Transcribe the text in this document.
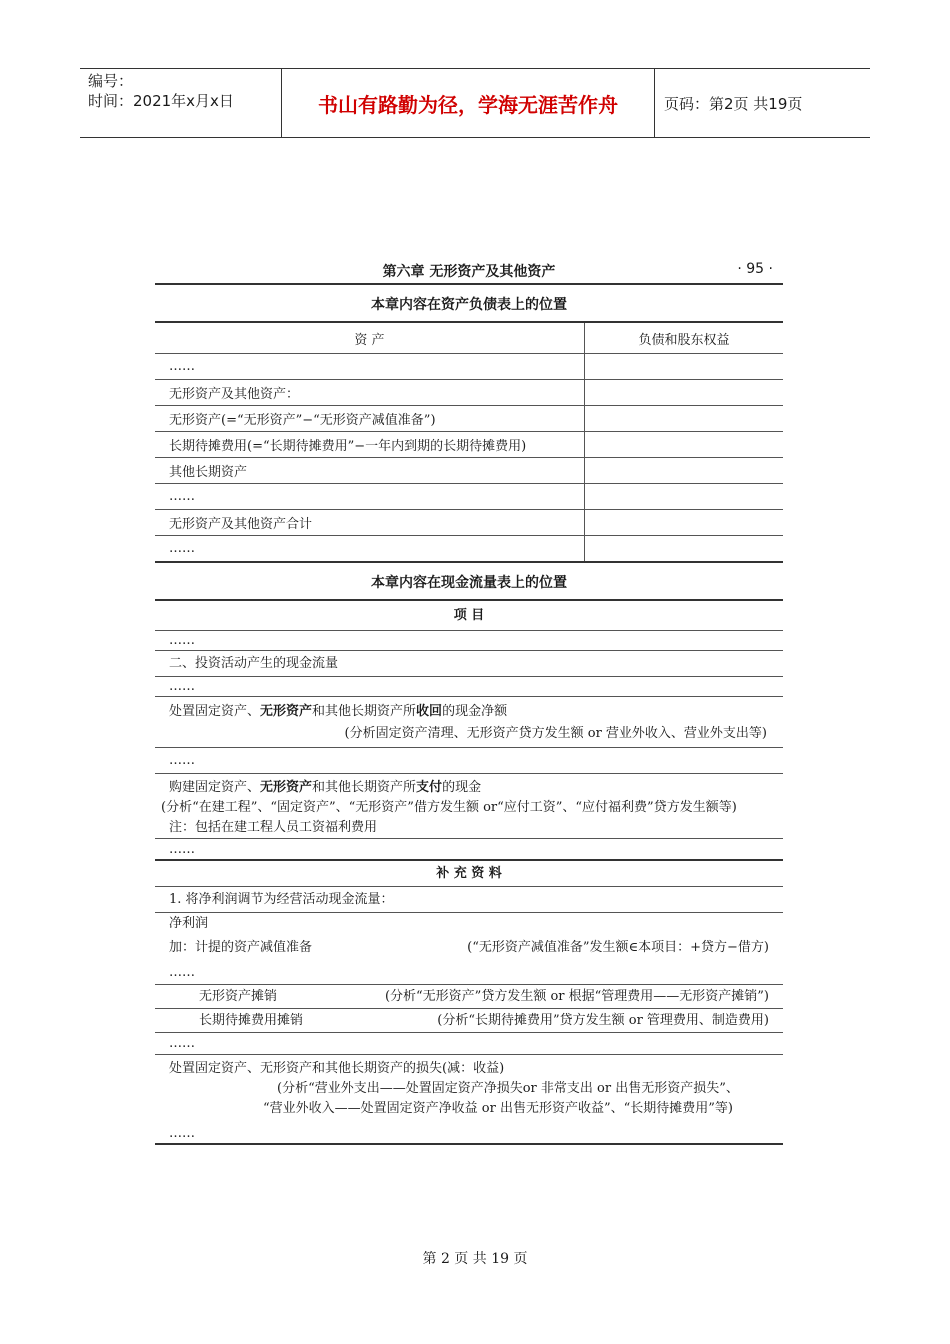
编号：
时间：2021年x月x日	书山有路勤为径，学海无涯苦作舟	页码：第2页 共19页
第六章 无形资产及其他资产	· 95 ·
本章内容在资产负债表上的位置
资 产	负债和股东权益
……	
无形资产及其他资产：	
无形资产(=“无形资产”−“无形资产减值准备”)	
长期待摊费用(=“长期待摊费用”−一年内到期的长期待摊费用)	
其他长期资产	
……	
无形资产及其他资产合计	
……	
本章内容在现金流量表上的位置
项 目
……
二、投资活动产生的现金流量
……
处置固定资产、无形资产和其他长期资产所收回的现金净额
(分析固定资产清理、无形资产贷方发生额 or 营业外收入、营业外支出等)
……
购建固定资产、无形资产和其他长期资产所支付的现金
(分析“在建工程”、“固定资产”、“无形资产”借方发生额 or“应付工资”、“应付福利费”贷方发生额等)
注：包括在建工程人员工资福利费用
……
补 充 资 料
1. 将净利润调节为经营活动现金流量：
净利润
加：计提的资产减值准备	(“无形资产减值准备”发生额∈本项目：+贷方−借方)
……
无形资产摊销	(分析“无形资产”贷方发生额 or 根据“管理费用——无形资产摊销”)
长期待摊费用摊销	(分析“长期待摊费用”贷方发生额 or 管理费用、制造费用)
……
处置固定资产、无形资产和其他长期资产的损失(减：收益)
(分析“营业外支出——处置固定资产净损失or 非常支出 or 出售无形资产损失”、
“营业外收入——处置固定资产净收益 or 出售无形资产收益”、“长期待摊费用”等)
……
第 2 页 共 19 页
